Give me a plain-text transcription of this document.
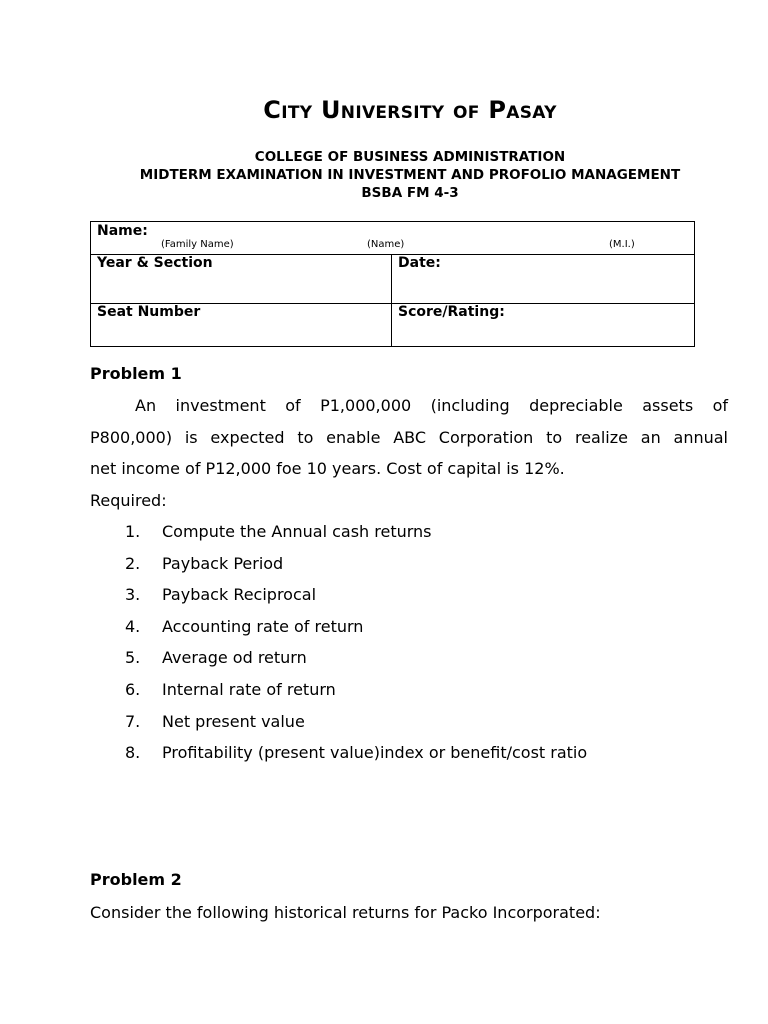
City University of Pasay
COLLEGE OF BUSINESS ADMINISTRATION
MIDTERM EXAMINATION IN INVESTMENT AND PROFOLIO MANAGEMENT
BSBA FM 4-3
Name:
(Family Name) (Name) (M.I.)	

Year & Section	Date:
Seat Number	Score/Rating:
Problem 1
An investment of P1,000,000 (including depreciable assets of
P800,000) is expected to enable ABC Corporation to realize an annual
net income of P12,000 foe 10 years. Cost of capital is 12%.
Required:
1.	Compute the Annual cash returns
2.	Payback Period
3.	Payback Reciprocal
4.	Accounting rate of return
5.	Average od return
6.	Internal rate of return
7.	Net present value
8.	Profitability (present value)index or benefit/cost ratio
Problem 2
Consider the following historical returns for Packo Incorporated:
